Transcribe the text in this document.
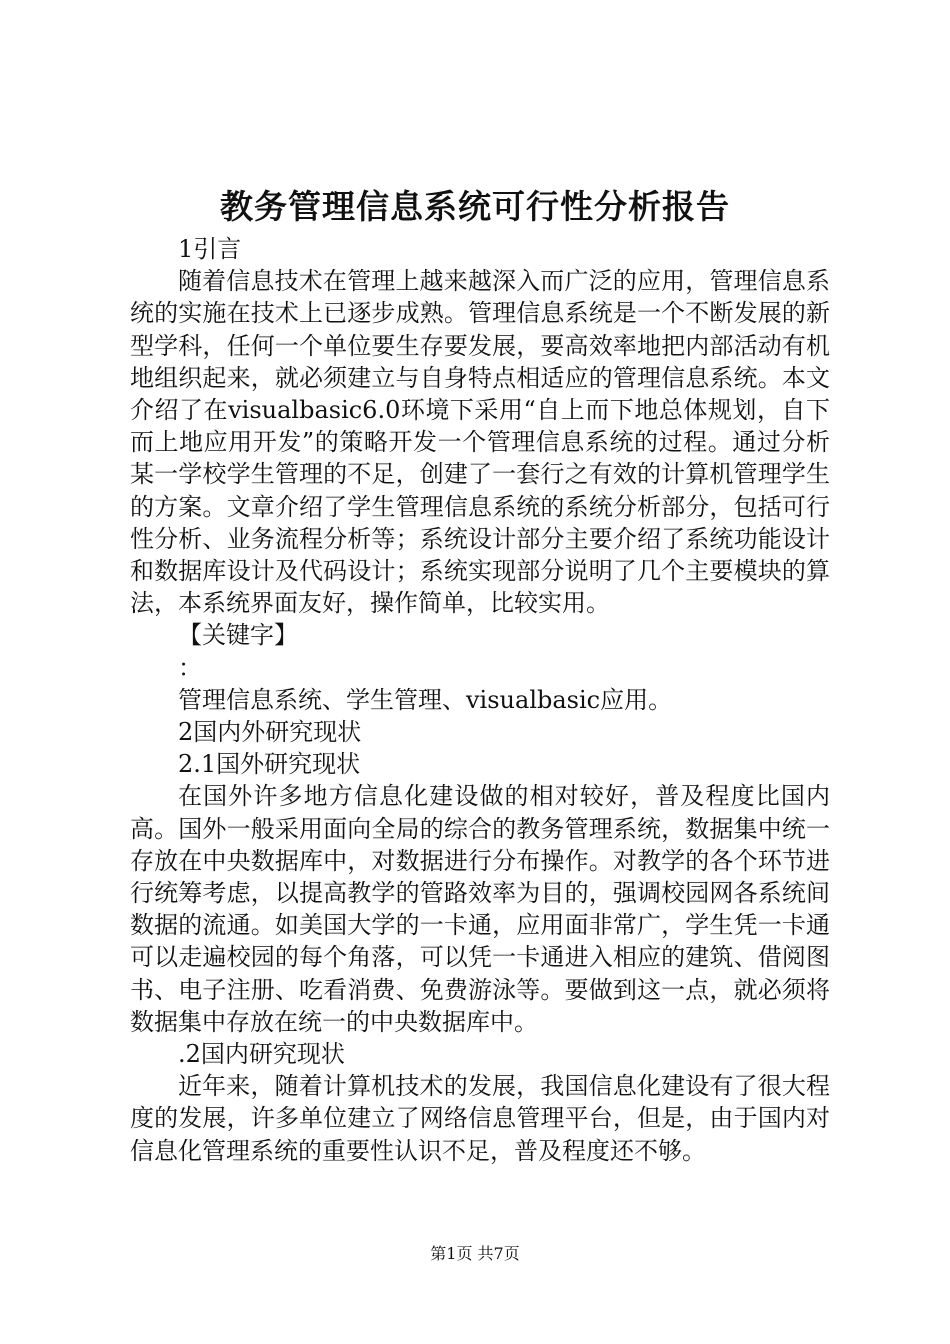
教务管理信息系统可行性分析报告
1引言

随着信息技术在管理上越来越深入而广泛的应用，管理信息系统的实施在技术上已逐步成熟。管理信息系统是一个不断发展的新型学科，任何一个单位要生存要发展，要高效率地把内部活动有机地组织起来，就必须建立与自身特点相适应的管理信息系统。本文介绍了在visualbasic6.0环境下采用“自上而下地总体规划，自下而上地应用开发”的策略开发一个管理信息系统的过程。通过分析某一学校学生管理的不足，创建了一套行之有效的计算机管理学生的方案。文章介绍了学生管理信息系统的系统分析部分，包括可行性分析、业务流程分析等；系统设计部分主要介绍了系统功能设计和数据库设计及代码设计；系统实现部分说明了几个主要模块的算法，本系统界面友好，操作简单，比较实用。

【关键字】
：
管理信息系统、学生管理、visualbasic应用。
2国内外研究现状
2.1国外研究现状

在国外许多地方信息化建设做的相对较好，普及程度比国内高。国外一般采用面向全局的综合的教务管理系统，数据集中统一存放在中央数据库中，对数据进行分布操作。对教学的各个环节进行统筹考虑，以提高教学的管路效率为目的，强调校园网各系统间数据的流通。如美国大学的一卡通，应用面非常广，学生凭一卡通可以走遍校园的每个角落，可以凭一卡通进入相应的建筑、借阅图书、电子注册、吃看消费、免费游泳等。要做到这一点，就必须将数据集中存放在统一的中央数据库中。

.2国内研究现状

近年来，随着计算机技术的发展，我国信息化建设有了很大程度的发展，许多单位建立了网络信息管理平台，但是，由于国内对信息化管理系统的重要性认识不足，普及程度还不够。

第1页 共7页
